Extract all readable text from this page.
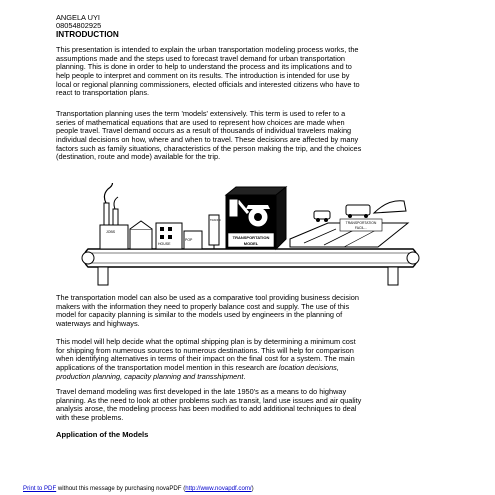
ANGELA UYI
08054802925
INTRODUCTION

This presentation is intended to explain the urban transportation modeling process works, the
assumptions made and the steps used to forecast travel demand for urban transportation
planning. This is done in order to help to understand the process and its implications and to
help people to interpret and comment on its results. The introduction is intended for use by
local or regional planning commissioners, elected officials and interested citizens who have to
react to transportation plans.

Transportation planning uses the term 'models' extensively. This term is used to refer to a
series of mathematical equations that are used to represent how choices are made when
people travel. Travel demand occurs as a result of thousands of individual travelers making
individual decisions on how, where and when to travel. These decisions are affected by many
factors such as family situations, characteristics of the person making the trip, and the choices
(destination, route and mode) available for the trip.

JOBS
HOUSE
POP
TRAFFIC
TRANSPORTATION
MODEL
TRANSPORTATION
FACIL...

The transportation model can also be used as a comparative tool providing business decision
makers with the information they need to properly balance cost and supply. The use of this
model for capacity planning is similar to the models used by engineers in the planning of
waterways and highways.

This model will help decide what the optimal shipping plan is by determining a minimum cost
for shipping from numerous sources to numerous destinations. This will help for comparison
when identifying alternatives in terms of their impact on the final cost for a system. The main
applications of the transportation model mention in this research are location decisions,
production planning, capacity planning and transshipment.

Travel demand modeling was first developed in the late 1950's as a means to do highway
planning. As the need to look at other problems such as transit, land use issues and air quality
analysis arose, the modeling process has been modified to add additional techniques to deal
with these problems.

Application of the Models
Print to PDF without this message by purchasing novaPDF (http://www.novapdf.com/)
